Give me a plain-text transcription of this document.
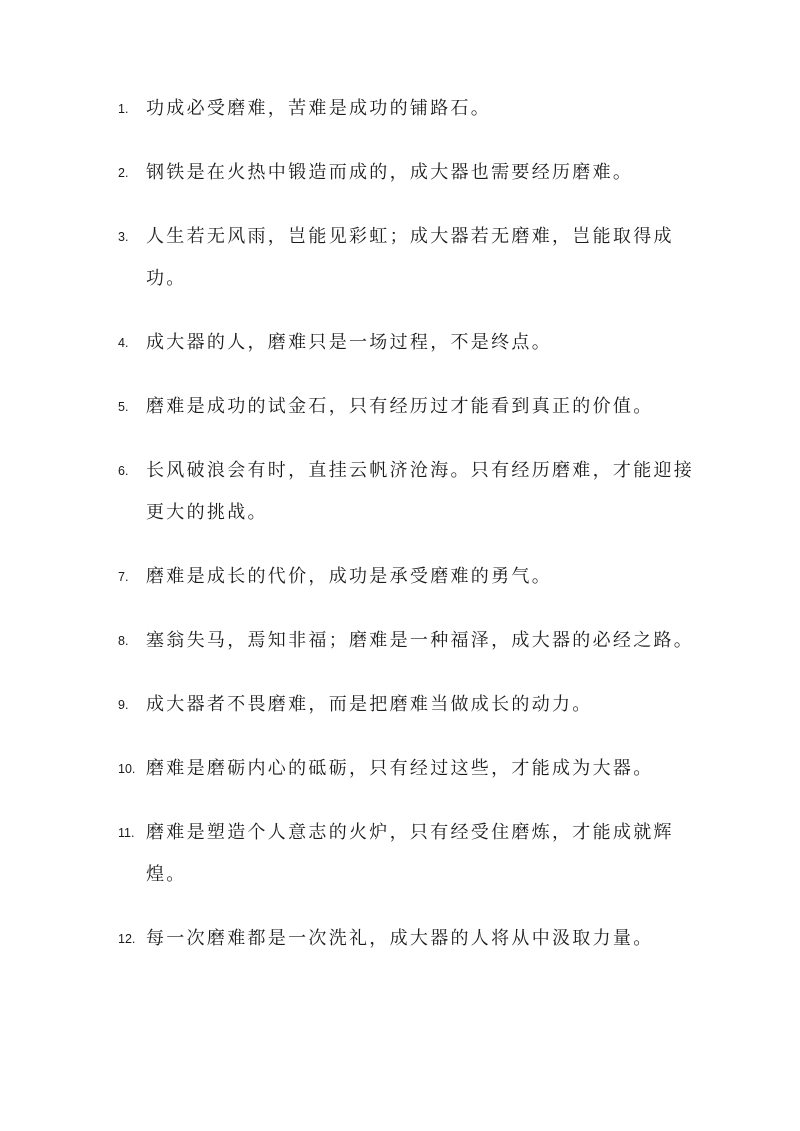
1. 功成必受磨难，苦难是成功的铺路石。
2. 钢铁是在火热中锻造而成的，成大器也需要经历磨难。
3. 人生若无风雨，岂能见彩虹；成大器若无磨难，岂能取得成功。
4. 成大器的人，磨难只是一场过程，不是终点。
5. 磨难是成功的试金石，只有经历过才能看到真正的价值。
6. 长风破浪会有时，直挂云帆济沧海。只有经历磨难，才能迎接更大的挑战。
7. 磨难是成长的代价，成功是承受磨难的勇气。
8. 塞翁失马，焉知非福；磨难是一种福泽，成大器的必经之路。
9. 成大器者不畏磨难，而是把磨难当做成长的动力。
10. 磨难是磨砺内心的砥砺，只有经过这些，才能成为大器。
11. 磨难是塑造个人意志的火炉，只有经受住磨炼，才能成就辉煌。
12. 每一次磨难都是一次洗礼，成大器的人将从中汲取力量。
